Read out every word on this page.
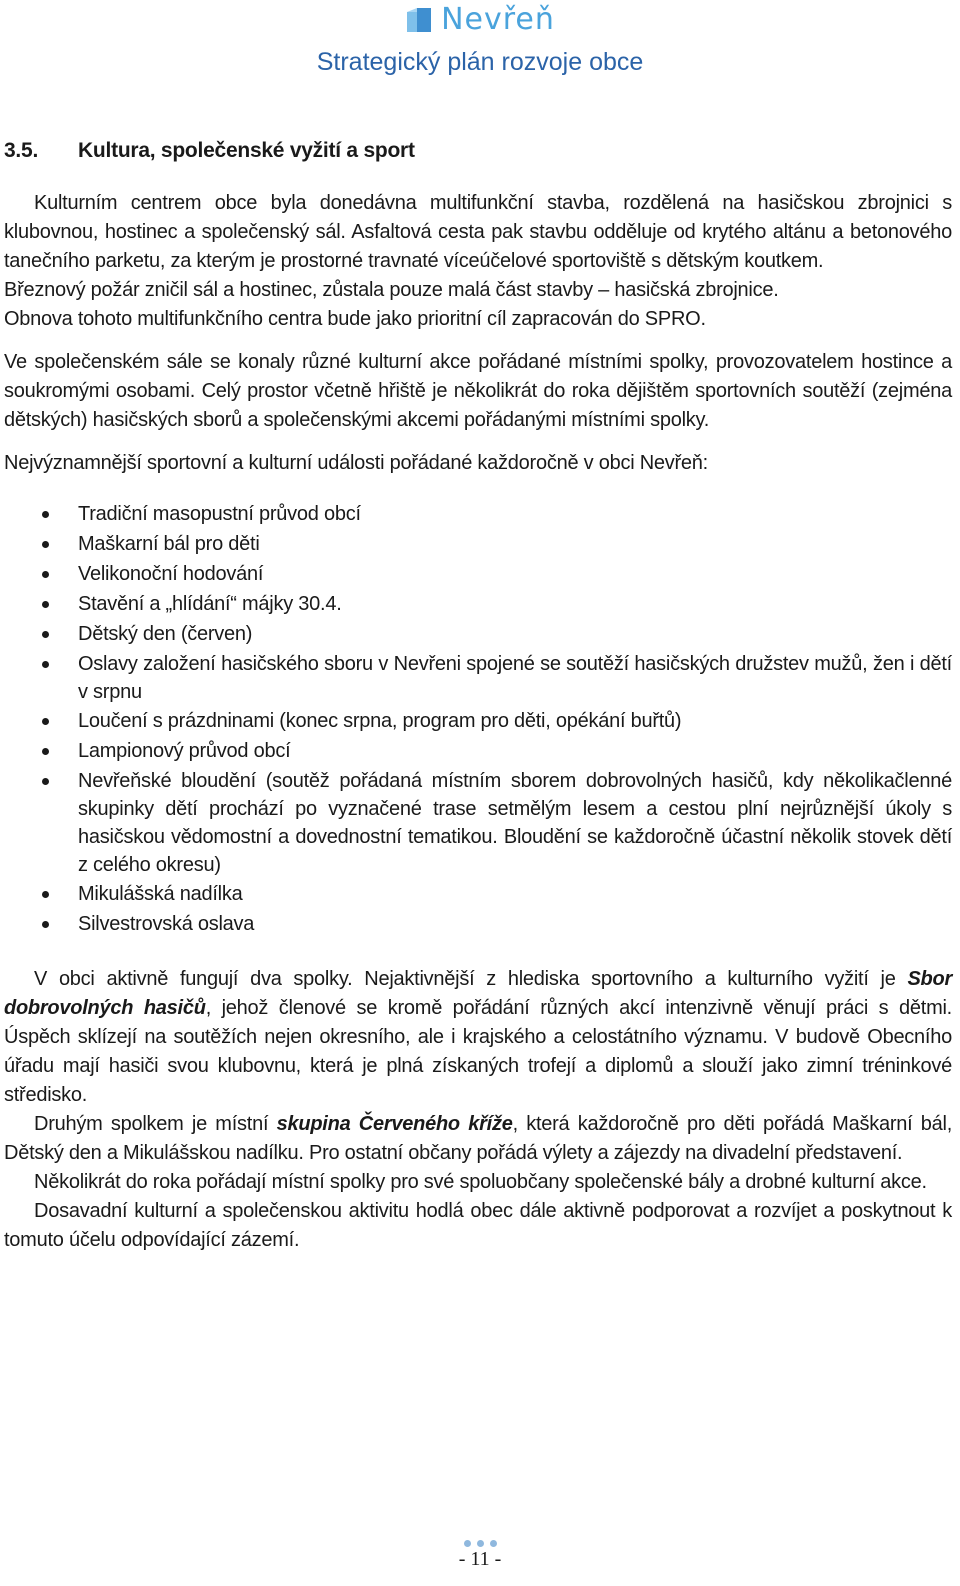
Nevřeň
Strategický plán rozvoje obce
3.5.	Kultura, společenské vyžití a sport

Kulturním centrem obce byla donedávna multifunkční stavba, rozdělená na hasičskou zbrojnici s klubovnou, hostinec a společenský sál. Asfaltová cesta pak stavbu odděluje od krytého altánu a betonového tanečního parketu, za kterým je prostorné travnaté víceúčelové sportoviště s dětským koutkem.

Březnový požár zničil sál a hostinec, zůstala pouze malá část stavby – hasičská zbrojnice.

Obnova tohoto multifunkčního centra bude jako prioritní cíl zapracován do SPRO.

Ve společenském sále se konaly různé kulturní akce pořádané místními spolky, provozovatelem hostince a soukromými osobami. Celý prostor včetně hřiště je několikrát do roka dějištěm sportovních soutěží (zejména dětských) hasičských sborů a společenskými akcemi pořádanými místními spolky.

Nejvýznamnější sportovní a kulturní události pořádané každoročně v obci Nevřeň:

Tradiční masopustní průvod obcí
Maškarní bál pro děti
Velikonoční hodování
Stavění a „hlídání“ májky 30.4.
Dětský den (červen)
Oslavy založení hasičského sboru v Nevřeni spojené se soutěží hasičských družstev mužů, žen i dětí v srpnu
Loučení s prázdninami (konec srpna, program pro děti, opékání buřtů)
Lampionový průvod obcí
Nevřeňské bloudění (soutěž pořádaná místním sborem dobrovolných hasičů, kdy několikačlenné skupinky dětí prochází po vyznačené trase setmělým lesem a cestou plní nejrůznější úkoly s hasičskou vědomostní a dovednostní tematikou. Bloudění se každoročně účastní několik stovek dětí z celého okresu)
Mikulášská nadílka
Silvestrovská oslava

V obci aktivně fungují dva spolky. Nejaktivnější z hlediska sportovního a kulturního vyžití je Sbor dobrovolných hasičů, jehož členové se kromě pořádání různých akcí intenzivně věnují práci s dětmi. Úspěch sklízejí na soutěžích nejen okresního, ale i krajského a celostátního významu. V budově Obecního úřadu mají hasiči svou klubovnu, která je plná získaných trofejí a diplomů a slouží jako zimní tréninkové středisko.

Druhým spolkem je místní skupina Červeného kříže, která každoročně pro děti pořádá Maškarní bál, Dětský den a Mikulášskou nadílku. Pro ostatní občany pořádá výlety a zájezdy na divadelní představení.

Několikrát do roka pořádají místní spolky pro své spoluobčany společenské bály a drobné kulturní akce.

Dosavadní kulturní a společenskou aktivitu hodlá obec dále aktivně podporovat a rozvíjet a poskytnout k tomuto účelu odpovídající zázemí.

- 11 -
